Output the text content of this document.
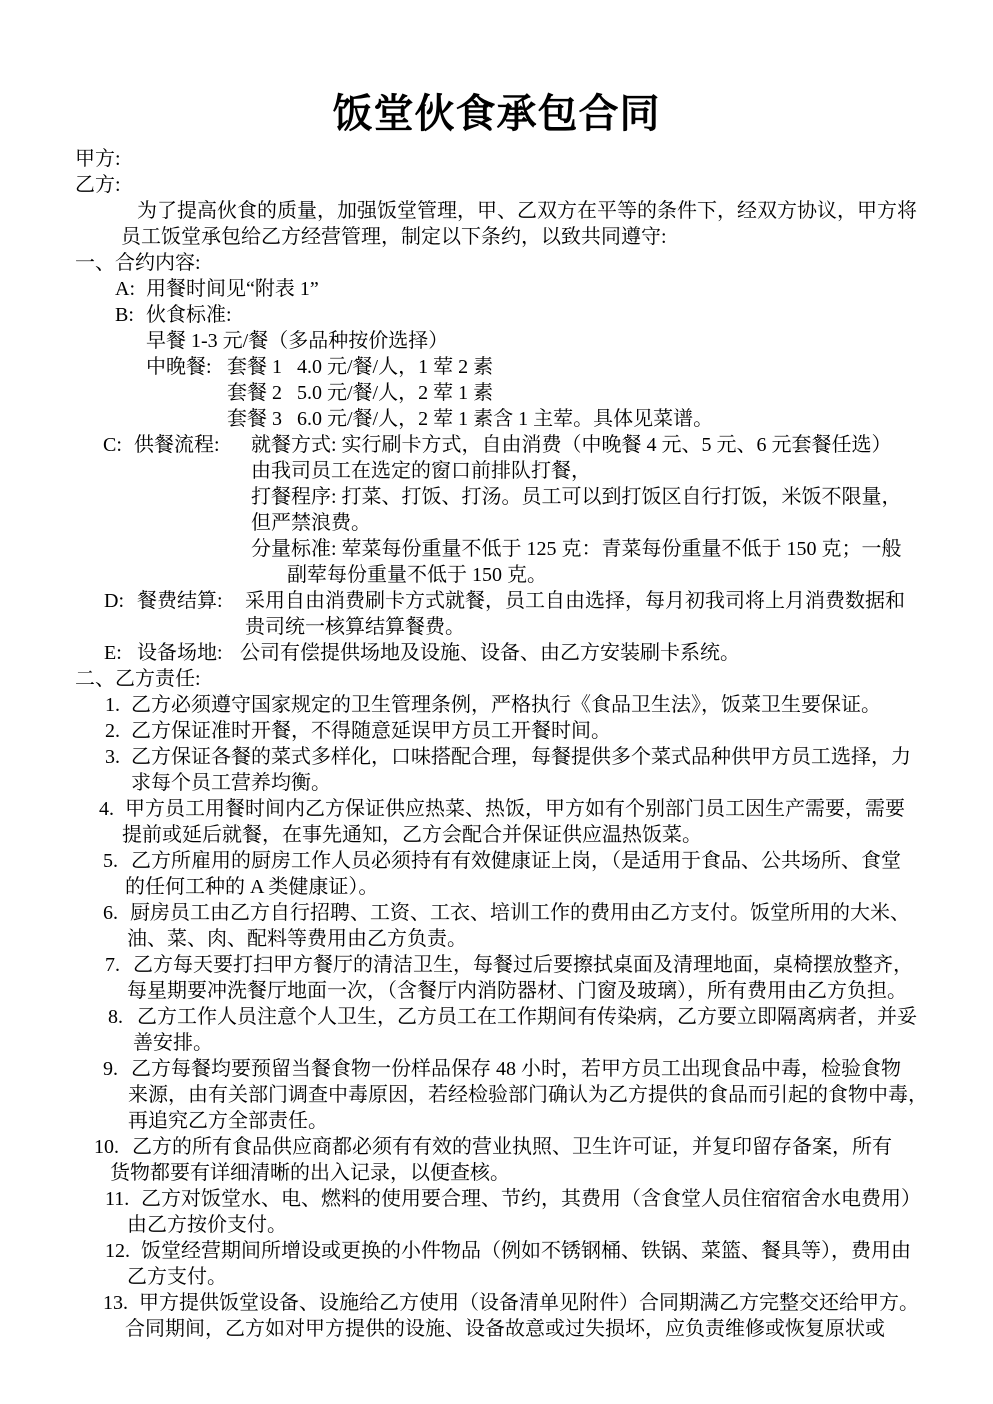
饭堂伙食承包合同
甲方:
乙方:
为了提高伙食的质量，加强饭堂管理，甲、乙双方在平等的条件下，经双方协议，甲方将
员工饭堂承包给乙方经营管理，制定以下条约，以致共同遵守:
一、合约内容:
A: 用餐时间见“附表 1”
B: 伙食标准:
早餐 1-3 元/餐（多品种按价选择）
中晚餐: 套餐 1   4.0 元/餐/人，1 荤 2 素
套餐 2   5.0 元/餐/人，2 荤 1 素
套餐 3   6.0 元/餐/人，2 荤 1 素含 1 主荤。具体见菜谱。
C: 供餐流程: 就餐方式: 实行刷卡方式，自由消费（中晚餐 4 元、5 元、6 元套餐任选）
由我司员工在选定的窗口前排队打餐，
打餐程序: 打菜、打饭、打汤。员工可以到打饭区自行打饭，米饭不限量，
但严禁浪费。
分量标准: 荤菜每份重量不低于 125 克：青菜每份重量不低于 150 克；一般
副荤每份重量不低于 150 克。
D: 餐费结算: 采用自由消费刷卡方式就餐，员工自由选择，每月初我司将上月消费数据和
贵司统一核算结算餐费。
E: 设备场地: 公司有偿提供场地及设施、设备、由乙方安装刷卡系统。
二、乙方责任:
1. 乙方必须遵守国家规定的卫生管理条例，严格执行《食品卫生法》，饭菜卫生要保证。
2. 乙方保证准时开餐，不得随意延误甲方员工开餐时间。
3. 乙方保证各餐的菜式多样化，口味搭配合理，每餐提供多个菜式品种供甲方员工选择，力
求每个员工营养均衡。
4. 甲方员工用餐时间内乙方保证供应热菜、热饭，甲方如有个别部门员工因生产需要，需要
提前或延后就餐，在事先通知，乙方会配合并保证供应温热饭菜。
5. 乙方所雇用的厨房工作人员必须持有有效健康证上岗，（是适用于食品、公共场所、食堂
的任何工种的 A 类健康证）。
6. 厨房员工由乙方自行招聘、工资、工衣、培训工作的费用由乙方支付。饭堂所用的大米、
油、菜、肉、配料等费用由乙方负责。
7. 乙方每天要打扫甲方餐厅的清洁卫生，每餐过后要擦拭桌面及清理地面，桌椅摆放整齐，
每星期要冲洗餐厅地面一次，（含餐厅内消防器材、门窗及玻璃），所有费用由乙方负担。
8. 乙方工作人员注意个人卫生，乙方员工在工作期间有传染病，乙方要立即隔离病者，并妥
善安排。
9. 乙方每餐均要预留当餐食物一份样品保存 48 小时，若甲方员工出现食品中毒，检验食物
来源，由有关部门调查中毒原因，若经检验部门确认为乙方提供的食品而引起的食物中毒，
再追究乙方全部责任。
10. 乙方的所有食品供应商都必须有有效的营业执照、卫生许可证，并复印留存备案，所有
货物都要有详细清晰的出入记录，以便查核。
11. 乙方对饭堂水、电、燃料的使用要合理、节约，其费用（含食堂人员住宿宿舍水电费用）
由乙方按价支付。
12. 饭堂经营期间所增设或更换的小件物品（例如不锈钢桶、铁锅、菜篮、餐具等），费用由
乙方支付。
13. 甲方提供饭堂设备、设施给乙方使用（设备清单见附件）合同期满乙方完整交还给甲方。
合同期间，乙方如对甲方提供的设施、设备故意或过失损坏，应负责维修或恢复原状或
